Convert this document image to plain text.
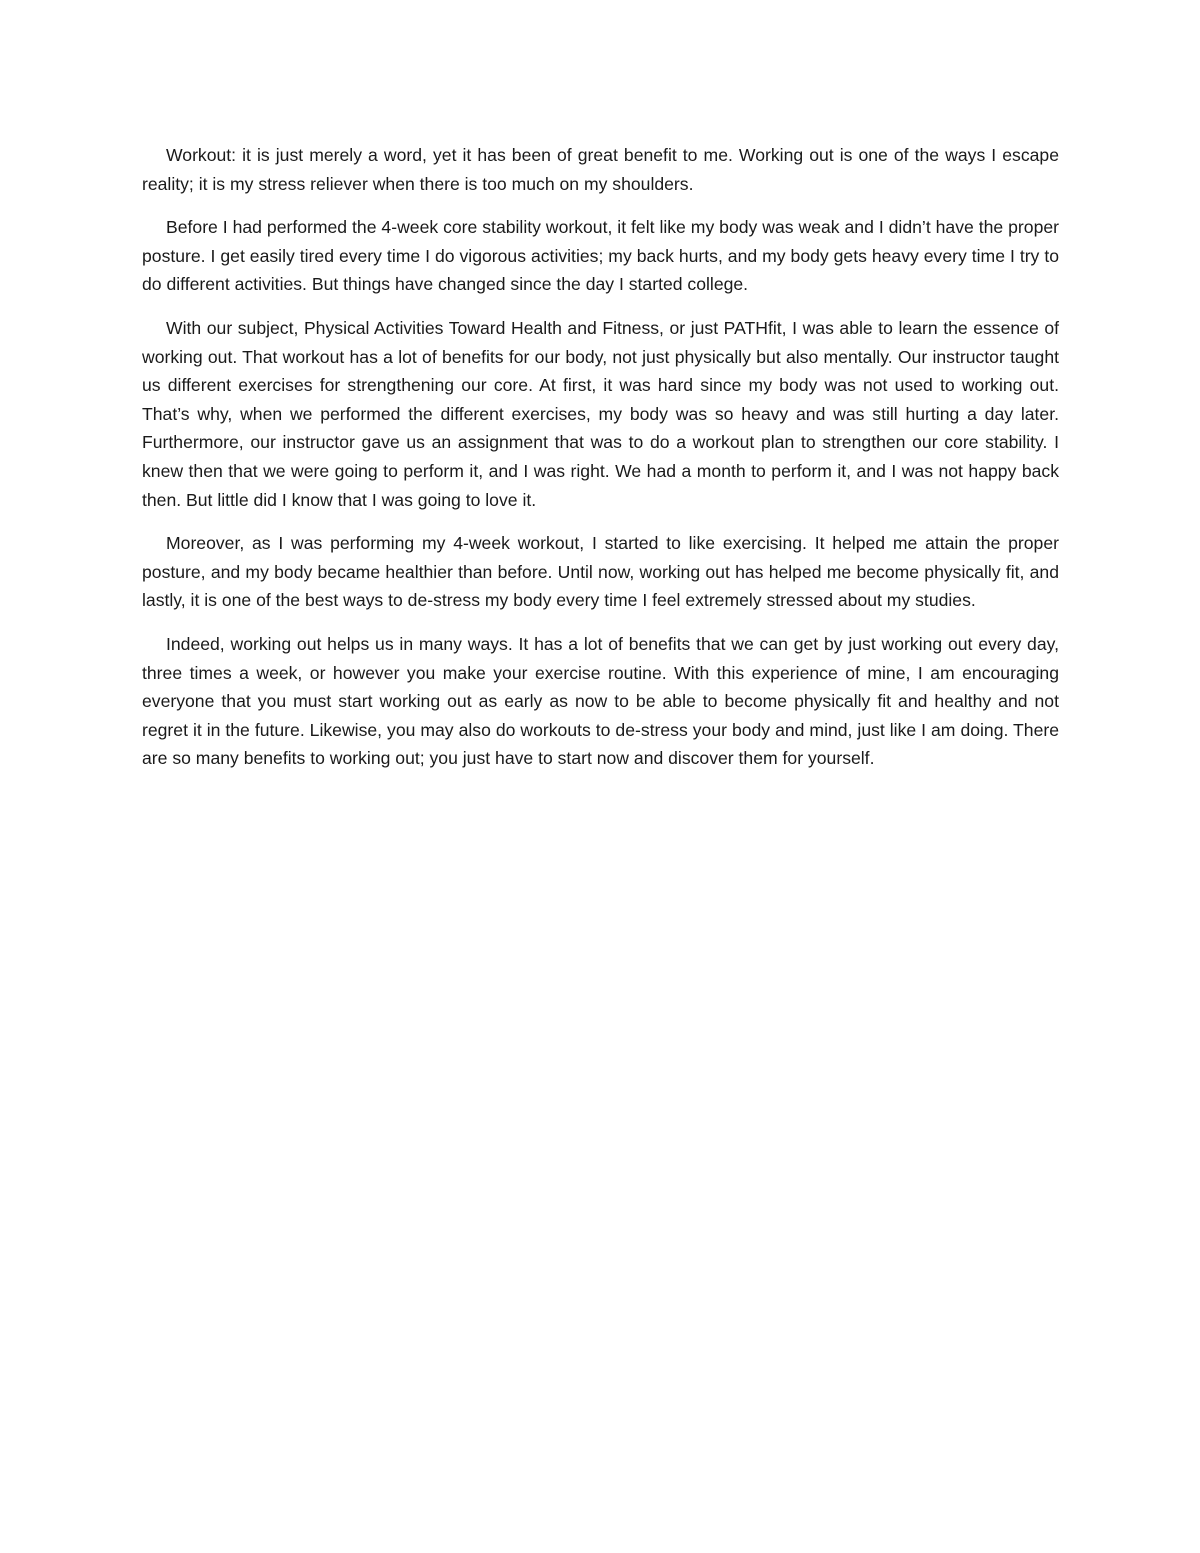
Workout: it is just merely a word, yet it has been of great benefit to me. Working out is one of the ways I escape reality; it is my stress reliever when there is too much on my shoulders.

Before I had performed the 4-week core stability workout, it felt like my body was weak and I didn’t have the proper posture. I get easily tired every time I do vigorous activities; my back hurts, and my body gets heavy every time I try to do different activities. But things have changed since the day I started college.

With our subject, Physical Activities Toward Health and Fitness, or just PATHfit, I was able to learn the essence of working out. That workout has a lot of benefits for our body, not just physically but also mentally. Our instructor taught us different exercises for strengthening our core. At first, it was hard since my body was not used to working out. That’s why, when we performed the different exercises, my body was so heavy and was still hurting a day later. Furthermore, our instructor gave us an assignment that was to do a workout plan to strengthen our core stability. I knew then that we were going to perform it, and I was right. We had a month to perform it, and I was not happy back then. But little did I know that I was going to love it.

Moreover, as I was performing my 4-week workout, I started to like exercising. It helped me attain the proper posture, and my body became healthier than before. Until now, working out has helped me become physically fit, and lastly, it is one of the best ways to de-stress my body every time I feel extremely stressed about my studies.

Indeed, working out helps us in many ways. It has a lot of benefits that we can get by just working out every day, three times a week, or however you make your exercise routine. With this experience of mine, I am encouraging everyone that you must start working out as early as now to be able to become physically fit and healthy and not regret it in the future. Likewise, you may also do workouts to de-stress your body and mind, just like I am doing. There are so many benefits to working out; you just have to start now and discover them for yourself.
